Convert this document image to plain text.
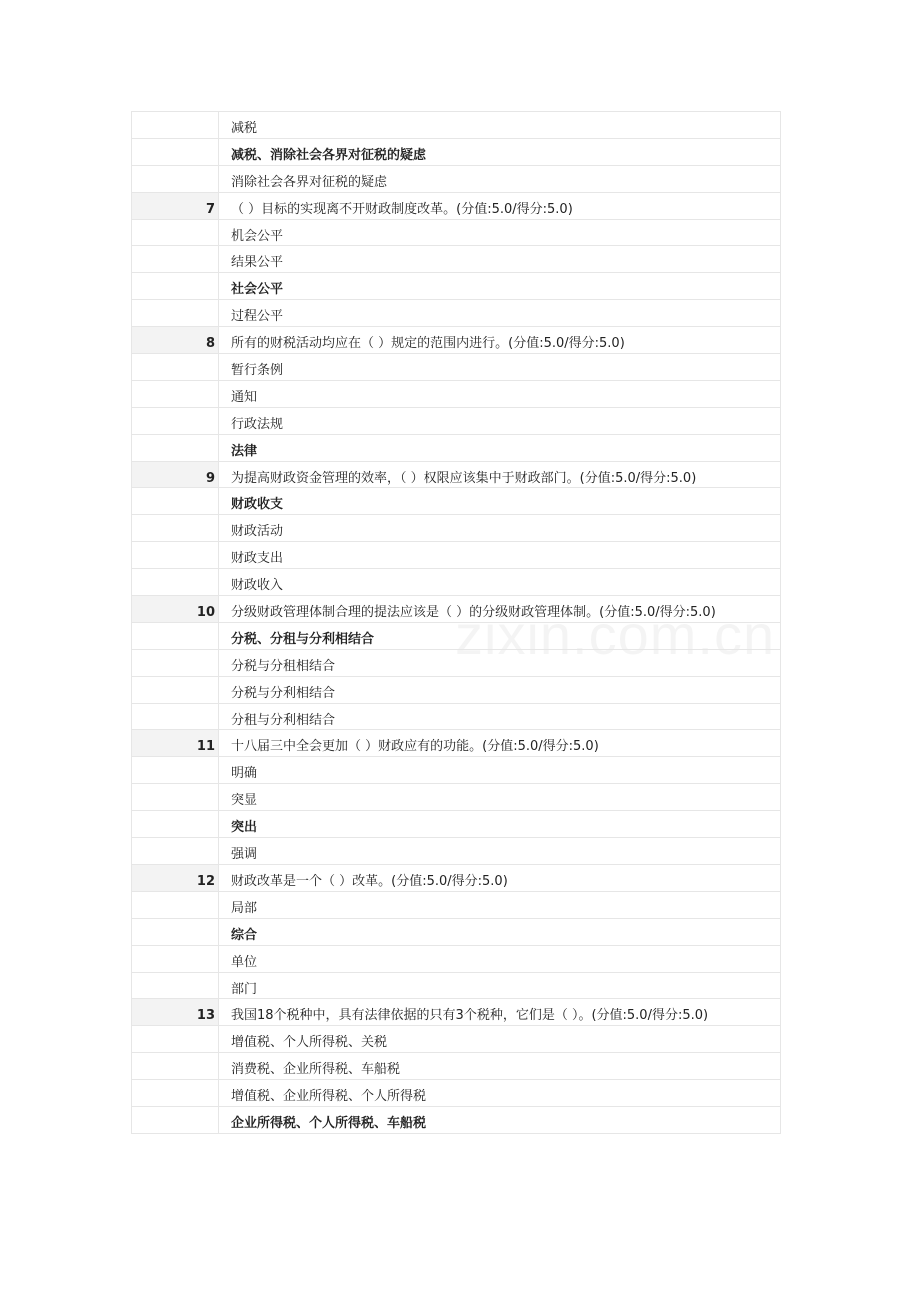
减税
减税、消除社会各界对征税的疑虑
消除社会各界对征税的疑虑
7	（ ）目标的实现离不开财政制度改革。(分值:5.0/得分:5.0)
机会公平
结果公平
社会公平
过程公平
8	所有的财税活动均应在（ ）规定的范围内进行。(分值:5.0/得分:5.0)
暂行条例
通知
行政法规
法律
9	为提高财政资金管理的效率，（ ）权限应该集中于财政部门。(分值:5.0/得分:5.0)
财政收支
财政活动
财政支出
财政收入
10	分级财政管理体制合理的提法应该是（ ）的分级财政管理体制。(分值:5.0/得分:5.0)
分税、分租与分利相结合
分税与分租相结合
分税与分利相结合
分租与分利相结合
11	十八届三中全会更加（ ）财政应有的功能。(分值:5.0/得分:5.0)
明确
突显
突出
强调
12	财政改革是一个（ ）改革。(分值:5.0/得分:5.0)
局部
综合
单位
部门
13	我国18个税种中，具有法律依据的只有3个税种，它们是（ ）。(分值:5.0/得分:5.0)
增值税、个人所得税、关税
消费税、企业所得税、车船税
增值税、企业所得税、个人所得税
企业所得税、个人所得税、车船税
